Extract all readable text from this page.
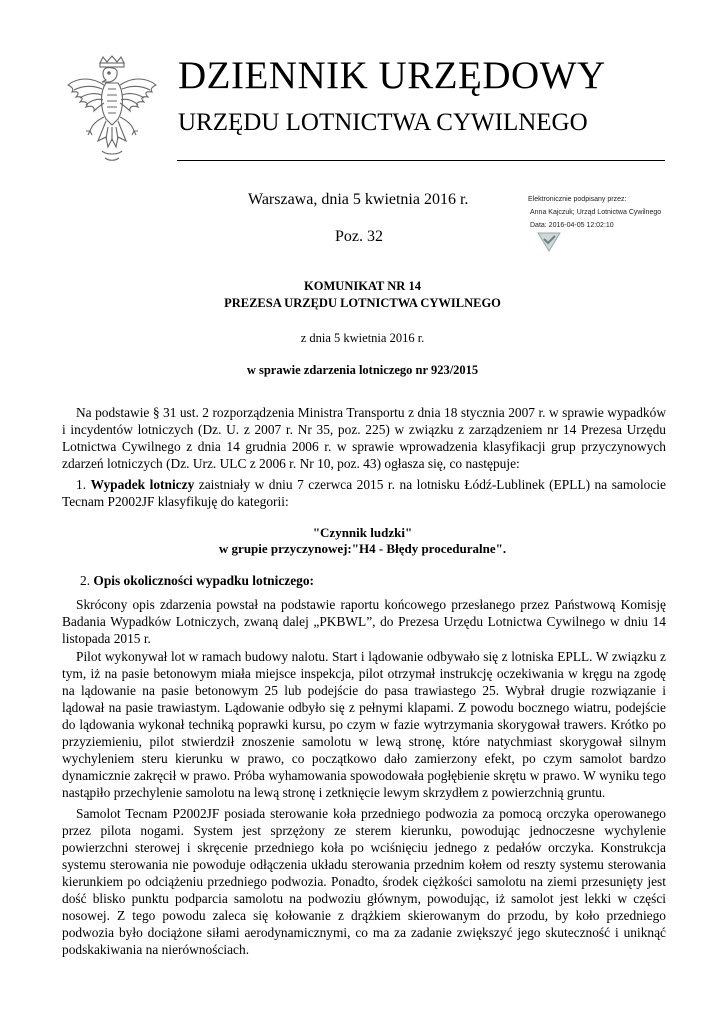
DZIENNIK URZĘDOWY
URZĘDU LOTNICTWA CYWILNEGO
Warszawa, dnia 5 kwietnia 2016 r.
Poz. 32
Elektronicznie podpisany przez:
Anna Kajczuk; Urząd Lotnictwa Cywilnego
Data: 2016-04-05 12:02:10
KOMUNIKAT NR 14
PREZESA URZĘDU LOTNICTWA CYWILNEGO
z dnia 5 kwietnia 2016 r.
w sprawie zdarzenia lotniczego nr 923/2015
Na podstawie § 31 ust. 2 rozporządzenia Ministra Transportu z dnia 18 stycznia 2007 r. w sprawie wypadków i incydentów lotniczych (Dz. U. z 2007 r. Nr 35, poz. 225) w związku z zarządzeniem nr 14 Prezesa Urzędu Lotnictwa Cywilnego z dnia 14 grudnia 2006 r. w sprawie wprowadzenia klasyfikacji grup przyczynowych zdarzeń lotniczych (Dz. Urz. ULC z 2006 r. Nr 10, poz. 43) ogłasza się, co następuje:
1. Wypadek lotniczy zaistniały w dniu 7 czerwca 2015 r. na lotnisku Łódź-Lublinek (EPLL) na samolocie Tecnam P2002JF klasyfikuję do kategorii:
"Czynnik ludzki"
w grupie przyczynowej:"H4 - Błędy proceduralne".
2. Opis okoliczności wypadku lotniczego:
Skrócony opis zdarzenia powstał na podstawie raportu końcowego przesłanego przez Państwową Komisję Badania Wypadków Lotniczych, zwaną dalej „PKBWL”, do Prezesa Urzędu Lotnictwa Cywilnego w dniu 14 listopada 2015 r.
Pilot wykonywał lot w ramach budowy nalotu. Start i lądowanie odbywało się z lotniska EPLL. W związku z tym, iż na pasie betonowym miała miejsce inspekcja, pilot otrzymał instrukcję oczekiwania w kręgu na zgodę na lądowanie na pasie betonowym 25 lub podejście do pasa trawiastego 25. Wybrał drugie rozwiązanie i lądował na pasie trawiastym. Lądowanie odbyło się z pełnymi klapami. Z powodu bocznego wiatru, podejście do lądowania wykonał techniką poprawki kursu, po czym w fazie wytrzymania skorygował trawers. Krótko po przyziemieniu, pilot stwierdził znoszenie samolotu w lewą stronę, które natychmiast skorygował silnym wychyleniem steru kierunku w prawo, co początkowo dało zamierzony efekt, po czym samolot bardzo dynamicznie zakręcił w prawo. Próba wyhamowania spowodowała pogłębienie skrętu w prawo. W wyniku tego nastąpiło przechylenie samolotu na lewą stronę i zetknięcie lewym skrzydłem z powierzchnią gruntu.
Samolot Tecnam P2002JF posiada sterowanie koła przedniego podwozia za pomocą orczyka operowanego przez pilota nogami. System jest sprzężony ze sterem kierunku, powodując jednoczesne wychylenie powierzchni sterowej i skręcenie przedniego koła po wciśnięciu jednego z pedałów orczyka. Konstrukcja systemu sterowania nie powoduje odłączenia układu sterowania przednim kołem od reszty systemu sterowania kierunkiem po odciążeniu przedniego podwozia. Ponadto, środek ciężkości samolotu na ziemi przesunięty jest dość blisko punktu podparcia samolotu na podwoziu głównym, powodując, iż samolot jest lekki w części nosowej. Z tego powodu zaleca się kołowanie z drążkiem skierowanym do przodu, by koło przedniego podwozia było dociążone siłami aerodynamicznymi, co ma za zadanie zwiększyć jego skuteczność i uniknąć podskakiwania na nierównościach.
